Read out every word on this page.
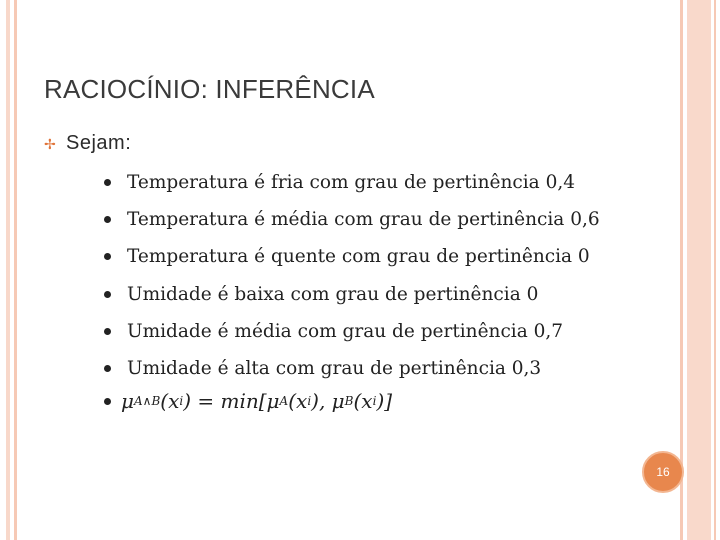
RACIOCÍNIO: INFERÊNCIA
✢ Sejam:
Temperatura é fria com grau de pertinência 0,4
Temperatura é média com grau de pertinência 0,6
Temperatura é quente com grau de pertinência 0
Umidade é baixa com grau de pertinência 0
Umidade é média com grau de pertinência 0,7
Umidade é alta com grau de pertinência 0,3
μ A∧B (x i ) = min[μ A (x i ), μ B (x i )]
16
